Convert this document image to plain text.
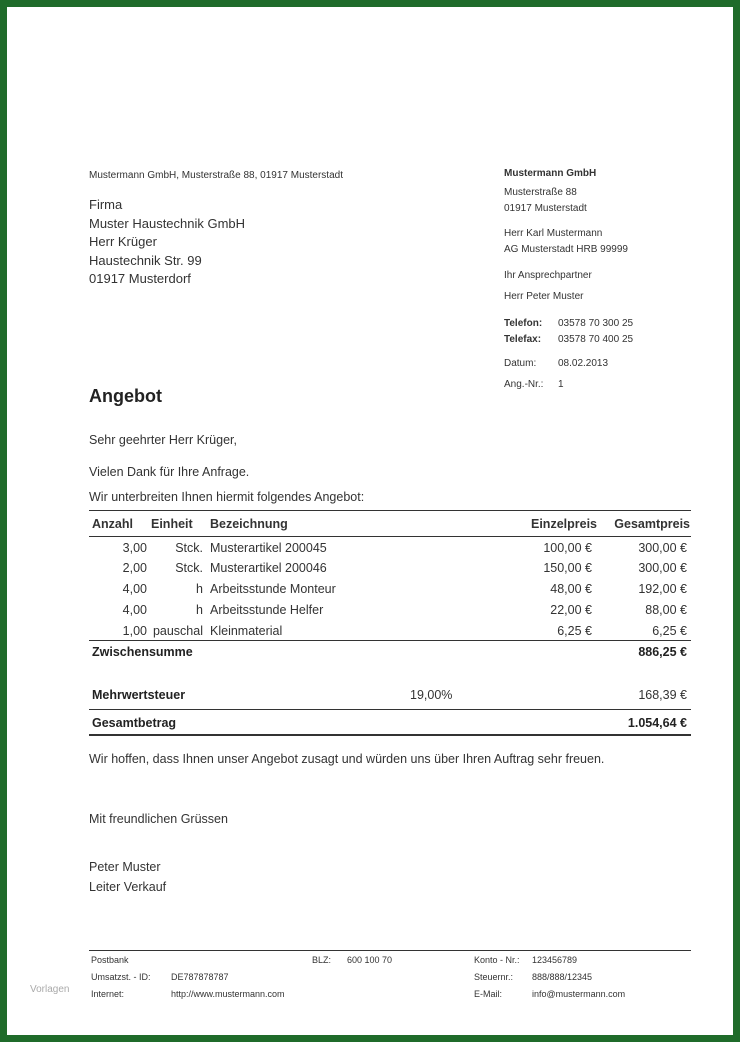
Mustermann GmbH, Musterstraße 88, 01917 Musterstadt
Firma
Muster Haustechnik GmbH
Herr Krüger
Haustechnik Str. 99
01917 Musterdorf
Mustermann GmbH
Musterstraße 88
01917 Musterstadt
Herr Karl Mustermann
AG Musterstadt HRB 99999
Ihr Ansprechpartner
Herr Peter Muster
Telefon: 03578 70 300 25
Telefax: 03578 70 400 25
Datum: 08.02.2013
Ang.-Nr.: 1
Angebot
Sehr geehrter Herr Krüger,
Vielen Dank für Ihre Anfrage.
Wir unterbreiten Ihnen hiermit folgendes Angebot:
Anzahl Einheit Bezeichnung	Einzelpreis Gesamtpreis
3,00 Stck. Musterartikel 200045	100,00 €	300,00 €
2,00 Stck. Musterartikel 200046	150,00 €	300,00 €
4,00	h Arbeitsstunde Monteur	48,00 €	192,00 €
4,00	h Arbeitsstunde Helfer	22,00 €	88,00 €
1,00 pauschal Kleinmaterial	6,25 €	6,25 €
Zwischensumme	886,25 €
Mehrwertsteuer	19,00%	168,39 €
Gesamtbetrag	1.054,64 €
Wir hoffen, dass Ihnen unser Angebot zusagt und würden uns über Ihren Auftrag sehr freuen.
Mit freundlichen Grüssen
Peter Muster
Leiter Verkauf
Postbank	BLZ: 600 100 70	Konto - Nr.: 123456789
Umsatzst. - ID: DE787878787	Steuernr.: 888/888/12345
Internet:	http://www.mustermann.com	E-Mail:	info@mustermann.com
Vorlagen
